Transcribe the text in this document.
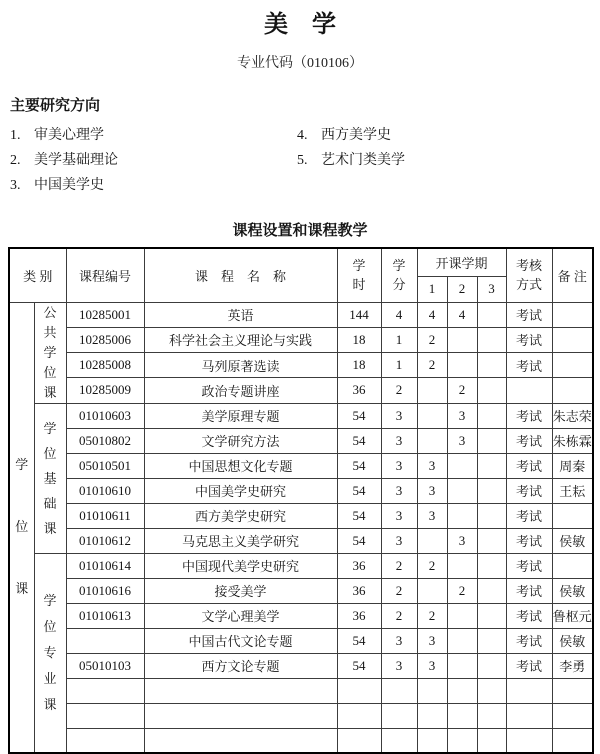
美　学
专业代码（010106）
主要研究方向
1. 审美心理学
2. 美学基础理论
3. 中国美学史
4. 西方美学史
5. 艺术门类美学
课程设置和课程教学
类 别		课程编号	课　程　名　称	学时	学分	开课学期			考核方式	备 注
						1	2	3		
学位课	公共学位课	10285001	英语	144	4	4	4		考试	
		10285006	科学社会主义理论与实践	18	1	2			考试	
		10285008	马列原著选读	18	1	2			考试	
		10285009	政治专题讲座	36	2		2			
	学位基础课	01010603	美学原理专题	54	3		3		考试	朱志荣
		05010802	文学研究方法	54	3		3		考试	朱栋霖
		05010501	中国思想文化专题	54	3	3			考试	周秦
		01010610	中国美学史研究	54	3	3			考试	王耘
		01010611	西方美学史研究	54	3	3			考试	
		01010612	马克思主义美学研究	54	3		3		考试	侯敏
	学位专业课	01010614	中国现代美学史研究	36	2	2			考试	
		01010616	接受美学	36	2		2		考试	侯敏
		01010613	文学心理美学	36	2	2			考试	鲁枢元
			中国古代文论专题	54	3	3			考试	侯敏
		05010103	西方文论专题	54	3	3			考试	李勇
